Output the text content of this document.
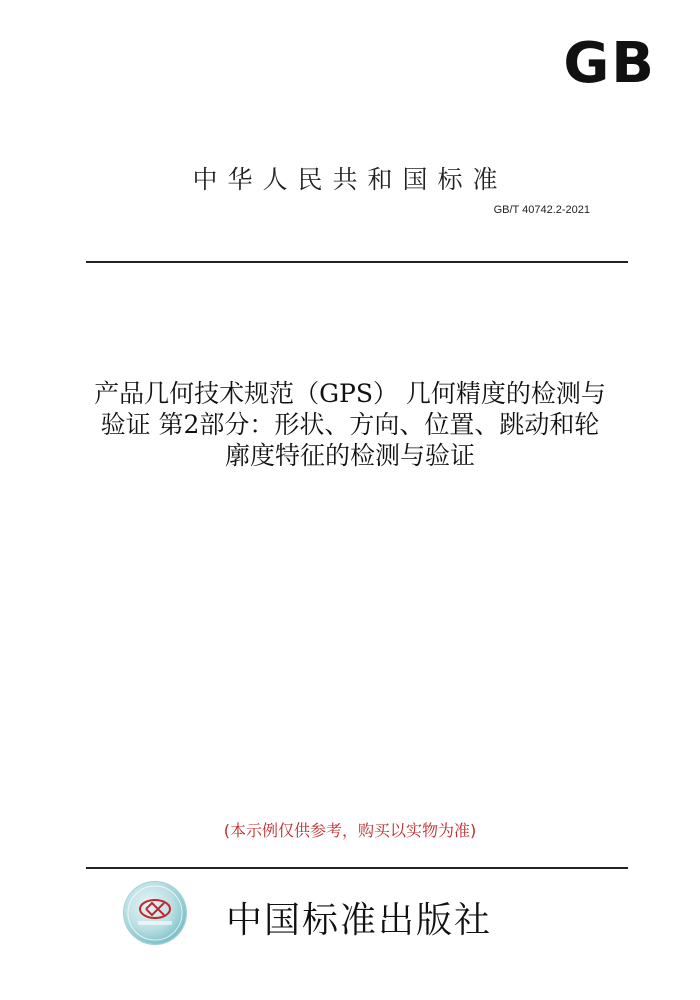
GB
中华人民共和国标准
GB/T 40742.2-2021
产品几何技术规范（GPS） 几何精度的检测与
验证 第2部分：形状、方向、位置、跳动和轮
廓度特征的检测与验证
(本示例仅供参考，购买以实物为准)
中国标准出版社
